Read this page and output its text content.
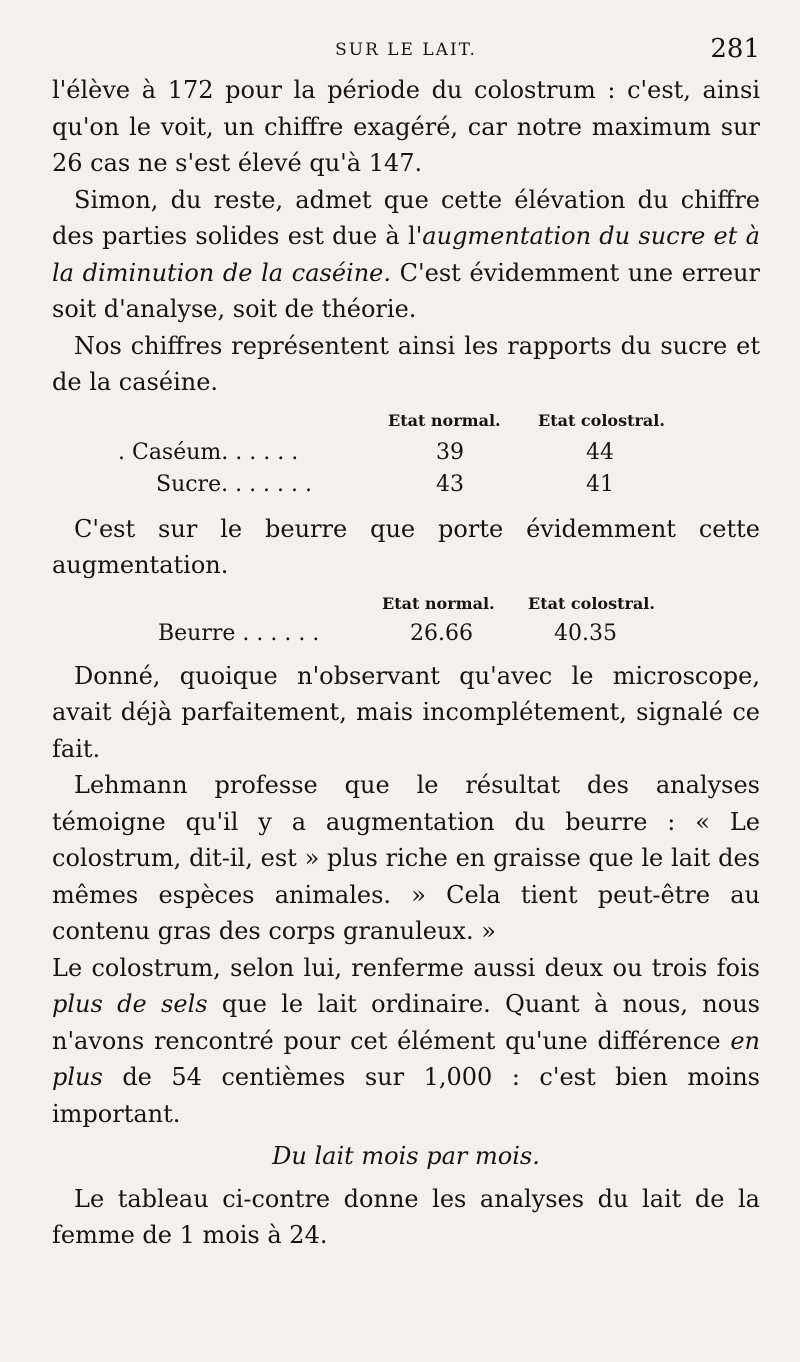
SUR LE LAIT.	281

l'élève à 172 pour la période du colostrum : c'est, ainsi qu'on le voit, un chiffre exagéré, car notre maximum sur 26 cas ne s'est élevé qu'à 147.

Simon, du reste, admet que cette élévation du chiffre des parties solides est due à l'augmentation du sucre et à la diminution de la caséine. C'est évidemment une erreur soit d'analyse, soit de théorie.

Nos chiffres représentent ainsi les rapports du sucre et de la caséine.

Etat normal. Etat colostral.
. Caséum. . . . . .	39	44
Sucre. . . . . . .	43	41

C'est sur le beurre que porte évidemment cette augmentation.

Etat normal. Etat colostral.
Beurre . . . . . .	26.66	40.35

Donné, quoique n'observant qu'avec le microscope, avait déjà parfaitement, mais incomplétement, signalé ce fait.

Lehmann professe que le résultat des analyses témoigne qu'il y a augmentation du beurre : « Le colostrum, dit-il, est » plus riche en graisse que le lait des mêmes espèces animales. » Cela tient peut-être au contenu gras des corps granuleux. »

Le colostrum, selon lui, renferme aussi deux ou trois fois plus de sels que le lait ordinaire. Quant à nous, nous n'avons rencontré pour cet élément qu'une différence en plus de 54 centièmes sur 1,000 : c'est bien moins important.

Du lait mois par mois.

Le tableau ci-contre donne les analyses du lait de la femme de 1 mois à 24.
